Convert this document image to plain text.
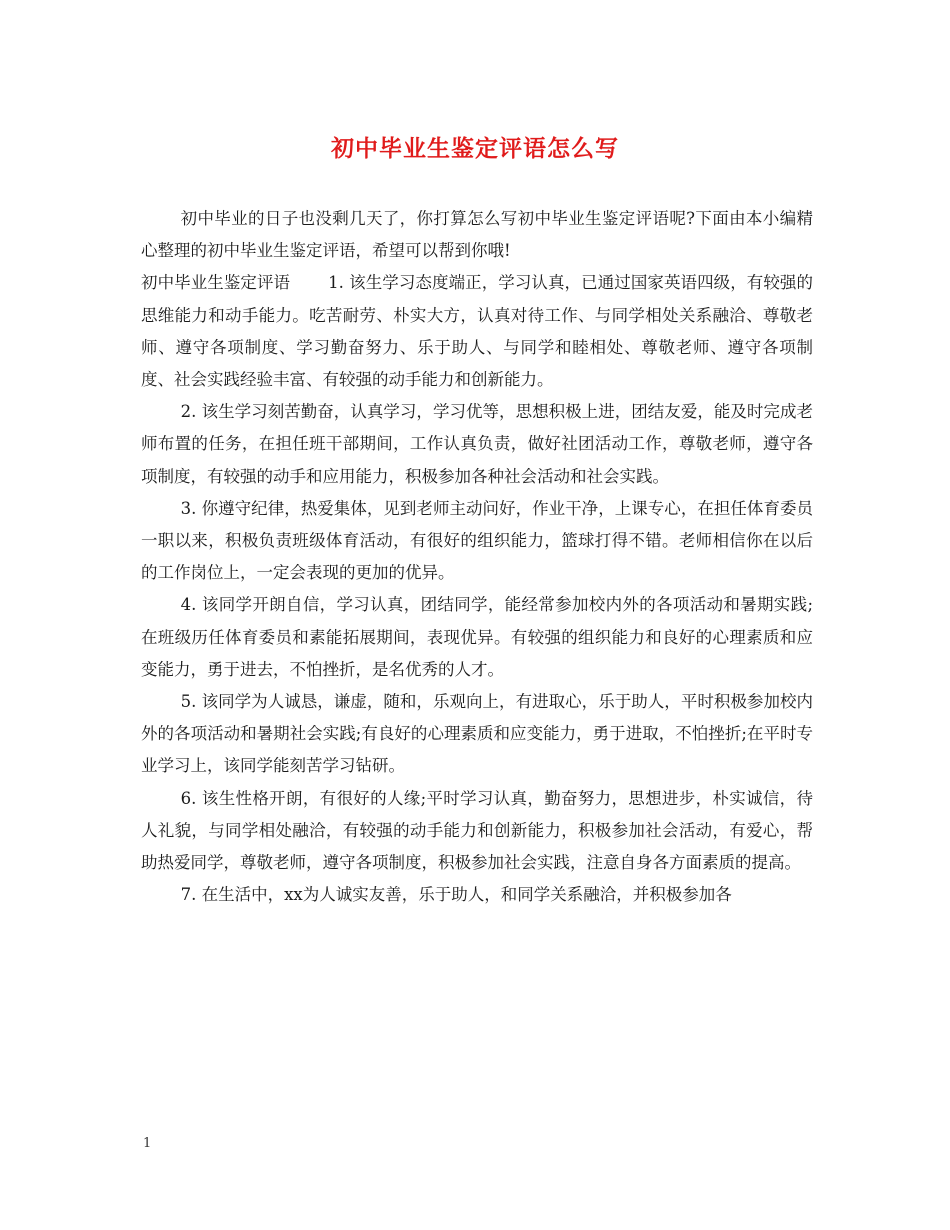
初中毕业生鉴定评语怎么写

初中毕业的日子也没剩几天了，你打算怎么写初中毕业生鉴定评语呢?下面由本小编精心整理的初中毕业生鉴定评语，希望可以帮到你哦!

初中毕业生鉴定评语 1. 该生学习态度端正，学习认真，已通过国家英语四级，有较强的思维能力和动手能力。吃苦耐劳、朴实大方，认真对待工作、与同学相处关系融洽、尊敬老师、遵守各项制度、学习勤奋努力、乐于助人、与同学和睦相处、尊敬老师、遵守各项制度、社会实践经验丰富、有较强的动手能力和创新能力。

2. 该生学习刻苦勤奋，认真学习，学习优等，思想积极上进，团结友爱，能及时完成老师布置的任务，在担任班干部期间，工作认真负责，做好社团活动工作，尊敬老师，遵守各项制度，有较强的动手和应用能力，积极参加各种社会活动和社会实践。

3. 你遵守纪律，热爱集体，见到老师主动问好，作业干净，上课专心，在担任体育委员一职以来，积极负责班级体育活动，有很好的组织能力，篮球打得不错。老师相信你在以后的工作岗位上，一定会表现的更加的优异。

4. 该同学开朗自信，学习认真，团结同学，能经常参加校内外的各项活动和暑期实践;在班级历任体育委员和素能拓展期间，表现优异。有较强的组织能力和良好的心理素质和应变能力，勇于进去，不怕挫折，是名优秀的人才。

5. 该同学为人诚恳，谦虚，随和，乐观向上，有进取心，乐于助人，平时积极参加校内外的各项活动和暑期社会实践;有良好的心理素质和应变能力，勇于进取，不怕挫折;在平时专业学习上，该同学能刻苦学习钻研。

6. 该生性格开朗，有很好的人缘;平时学习认真，勤奋努力，思想进步，朴实诚信，待人礼貌，与同学相处融洽，有较强的动手能力和创新能力，积极参加社会活动，有爱心，帮助热爱同学，尊敬老师，遵守各项制度，积极参加社会实践，注意自身各方面素质的提高。

7. 在生活中，xx为人诚实友善，乐于助人，和同学关系融洽，并积极参加各

1
